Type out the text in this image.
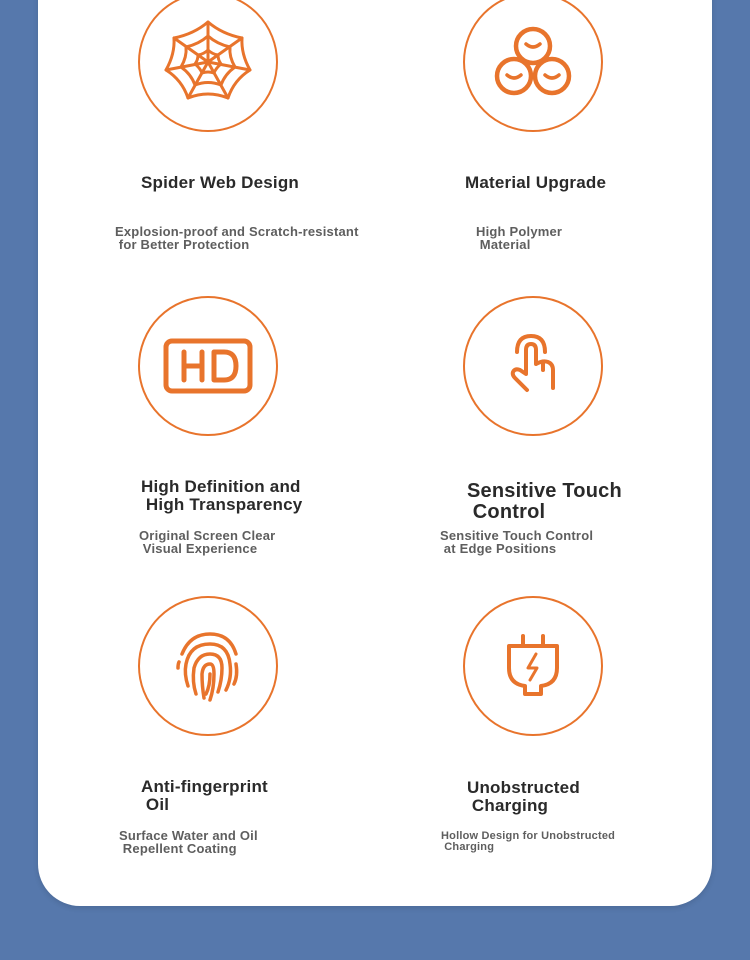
Spider Web Design
Explosion-proof and Scratch-resistant
for Better Protection
Material Upgrade
High Polymer
Material
High Definition and
High Transparency
Original Screen Clear
Visual Experience
Sensitive Touch
Control
Sensitive Touch Control
at Edge Positions
Anti-fingerprint
Oil
Surface Water and Oil
Repellent Coating
Unobstructed
Charging
Hollow Design for Unobstructed
Charging
